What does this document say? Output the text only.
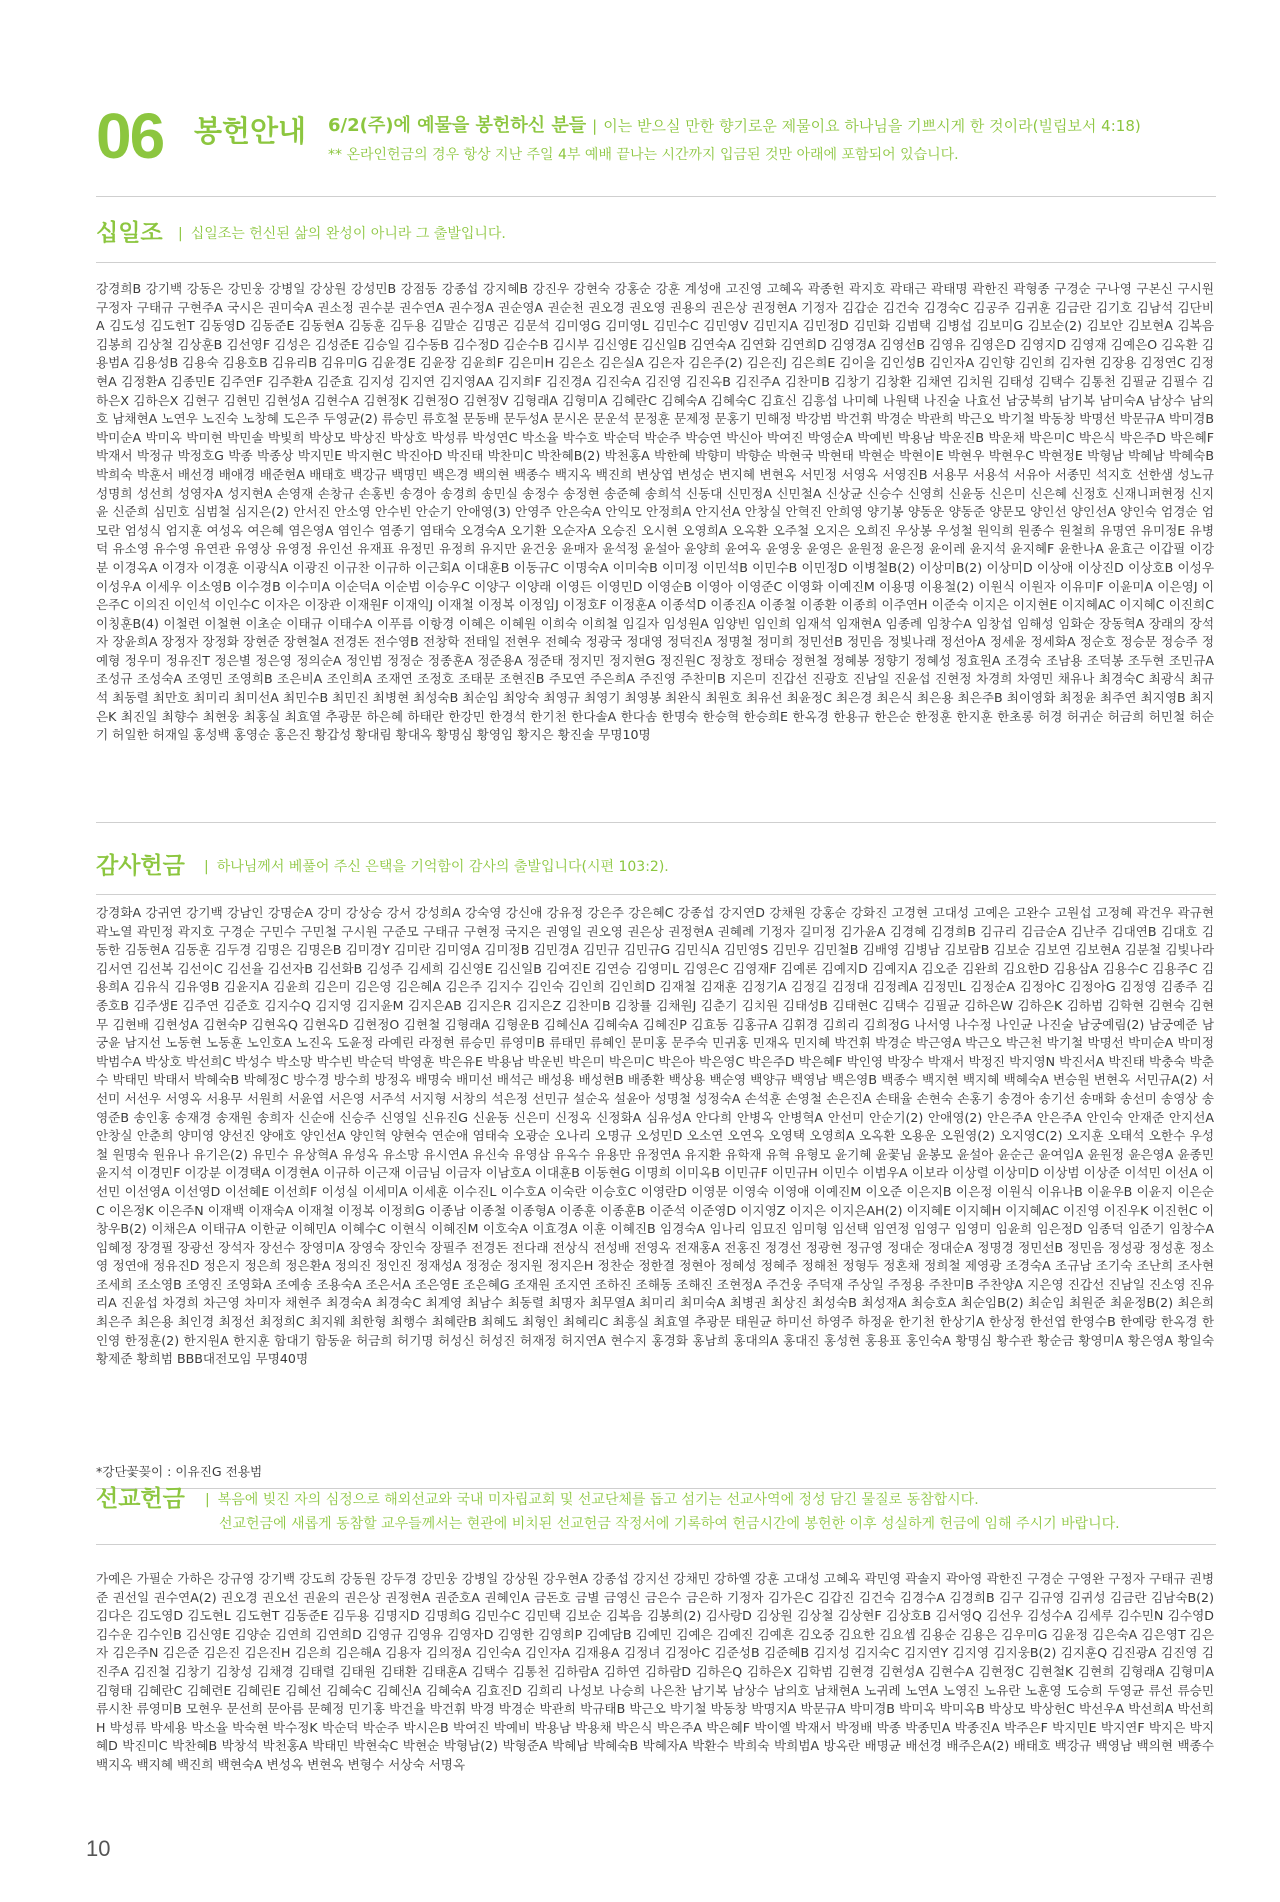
06 봉헌안내 6/2(주)에 예물을 봉헌하신 분들 | 이는 받으실 만한 향기로운 제물이요 하나님을 기쁘시게 한 것이라(빌립보서 4:18)
** 온라인헌금의 경우 항상 지난 주일 4부 예배 끝나는 시간까지 입금된 것만 아래에 포함되어 있습니다.
십일조 | 십일조는 헌신된 삶의 완성이 아니라 그 출발입니다.
강경희B 강기백 강동은 강민웅 강병일 강상원 강성민B 강점동 강종섭 강지혜B 강진우 강현숙 강홍순 강훈 계성애 고진영 고혜옥 곽종헌 곽지호 곽태근 곽태명 곽한진 곽형종 구경순 구나영 구본신 구시원 구정자 구태규 구현주A 국시은 권미숙A 권소정 권수분 권수연A 권수정A 권순영A 권순천 권오경 권오영 권용의 권은상 권정현A 기정자 김갑순 김건숙 김경숙C 김공주 김귀훈 김금란 김기호 김남석 김단비A 김도성 김도헌T 김동영D 김동준E 김동현A 김동훈 김두용 김말순 김명곤 김문석 김미영G 김미영L 김민수C 김민영V 김민지A 김민정D 김민화 김범택 김병섭 김보미G 김보순(2) 김보안 김보현A 김복음 김봉희 김상철 김상훈B 김선영F 김성은 김성준E 김승일 김수동B 김수정D 김순수B 김시부 김신영E 김신일B 김연숙A 김연화 김연희D 김영경A 김영선B 김영유 김영은D 김영지D 김영재 김예은O 김옥환 김용범A 김용성B 김용숙 김용호B 김유리B 김유미G 김윤경E 김윤장 김윤희F 김은미H 김은소 김은실A 김은자 김은주(2) 김은진J 김은희E 김이을 김인성B 김인자A 김인향 김인희 김자현 김장용 김정연C 김정현A 김정환A 김종민E 김주연F 김주환A 김준효 김지성 김지연 김지영AA 김지희F 김진경A 김진숙A 김진영 김진옥B 김진주A 김찬미B 김창기 김창환 김채연 김치원 김태성 김택수 김통천 김필균 김필수 김하은X 김하은X 김현구 김현민 김현성A 김현수A 김현정K 김현정O 김현정V 김형래A 김형미A 김혜란C 김혜숙A 김혜숙C 김효신 김흥섭 나미혜 나원택 나진술 나효선 남궁북희 남기복 남미숙A 남상수 남의호 남채현A 노연우 노진숙 노창혜 도은주 두영균(2) 류승민 류호철 문동배 문두성A 문시온 문운석 문정훈 문제정 문홍기 민해정 박강범 박건휘 박경순 박관희 박근오 박기철 박동창 박명선 박문규A 박미경B 박미순A 박미옥 박미현 박민솔 박빛희 박상모 박상진 박상호 박성류 박성연C 박소율 박수호 박순덕 박순주 박승연 박신아 박여진 박영순A 박예빈 박용남 박운진B 박운채 박은미C 박은식 박은주D 박은혜F 박재서 박정규 박정호G 박종 박종상 박지민E 박지현C 박진아D 박진태 박찬미C 박찬혜B(2) 박천홍A 박한혜 박향미 박향순 박현국 박현태 박현순 박현이E 박현우 박현우C 박현정E 박형남 박혜남 박혜숙B 박희숙 박훈서 배선경 배애경 배준현A 배태호 백강규 백명민 백은경 백의현 백종수 백지옥 백진희 변상엽 변성순 변지혜 변현옥 서민정 서영옥 서영진B 서용무 서용석 서유아 서종민 석지호 선한샘 성노규 성명희 성선희 성영자A 성지현A 손영재 손창규 손홍빈 송경아 송경희 송민실 송정수 송정현 송준혜 송희석 신동대 신민정A 신민철A 신상균 신승수 신영희 신윤동 신은미 신은혜 신정호 신재니퍼현정 신지윤 신준희 심민호 심범철 심지은(2) 안서진 안소영 안수빈 안순기 안애영(3) 안영주 안은숙A 안익모 안정희A 안지선A 안창실 안혁진 안희영 양기봉 양동운 양동준 양문모 양인선 양인선A 양인숙 엄경순 엄모란 엄성식 엄지훈 여성옥 여은혜 염은영A 염인수 염종기 염태숙 오경숙A 오기환 오순자A 오승진 오시현 오영희A 오옥환 오주철 오지은 오희진 우상봉 우성철 원익희 원종수 원철희 유명연 유미정E 유병덕 유소영 유수영 유연관 유영상 유영정 유인선 유재표 유정민 유정희 유지만 윤건웅 윤매자 윤석정 윤설아 윤양희 윤여옥 윤영웅 윤영은 윤원정 윤은정 윤이레 윤지석 윤지혜F 윤한나A 윤효근 이갑필 이강분 이경옥A 이경자 이경훈 이광식A 이광진 이규찬 이규하 이근회A 이대훈B 이동규C 이명숙A 이미숙B 이미정 이민석B 이민수B 이민정D 이병철B(2) 이상미B(2) 이상미D 이상애 이상진D 이상호B 이성우 이성우A 이세우 이소영B 이수경B 이수미A 이순덕A 이순범 이승우C 이양구 이양래 이영든 이영민D 이영순B 이영아 이영준C 이영화 이예진M 이용명 이용철(2) 이원식 이원자 이유미F 이윤미A 이은영J 이은주C 이의진 이인석 이인수C 이자은 이장관 이재원F 이재익J 이재철 이정복 이정임J 이정호F 이정훈A 이종석D 이종진A 이종철 이종환 이종희 이주연H 이준숙 이지은 이지현E 이지혜AC 이지혜C 이진희C 이칭훈B(4) 이철련 이철현 이초순 이태규 이태수A 이푸름 이항경 이혜은 이혜원 이희숙 이희철 임길자 임성원A 임양빈 임인희 임재석 임재현A 임종례 임창수A 임창섭 임해성 임화순 장동혁A 장래의 장석자 장윤희A 장정자 장정화 장현준 장현철A 전경돈 전수영B 전창학 전태일 전현우 전혜숙 정광국 정대영 정덕진A 정명철 정미희 정민선B 정민음 정빛나래 정선아A 정세윤 정세화A 정순호 정승문 정승주 정예형 정우미 정유진T 정은별 정은영 정의순A 정인범 정정순 정종훈A 정준용A 정준태 정지민 정지현G 정진원C 정창호 정태승 정현철 정혜봉 정향기 정혜성 정효원A 조경숙 조남용 조덕봉 조두현 조민규A 조성규 조성숙A 조영민 조영희B 조은비A 조인희A 조재연 조정호 조태문 조현진B 주모연 주은희A 주진영 주찬미B 지은미 진갑선 진광호 진남일 진윤섭 진현정 차경희 차영민 채유나 최경숙C 최광식 최규석 최동렬 최만호 최미리 최미선A 최민수B 최민진 최병현 최성숙B 최순임 최앙숙 최영규 최영기 최영봉 최완식 최원호 최유선 최윤정C 최은경 최은식 최은용 최은주B 최이영화 최정윤 최주연 최지영B 최지은K 최진일 최향수 최현웅 최홍실 최효열 추광문 하은혜 하태란 한강민 한경석 한기천 한다솔A 한다솜 한명숙 한승혁 한승희E 한옥경 한용규 한은순 한정훈 한지훈 한초롱 허경 허귀순 허금희 허민철 허순기 허일한 허재일 홍성백 홍영순 홍은진 황갑성 황대림 황대옥 황명심 황영임 황지은 황진솔 무명10명
감사헌금 | 하나님께서 베풀어 주신 은택을 기억함이 감사의 출발입니다(시편 103:2).
강경화A 강귀연 강기백 강남인 강명순A 강미 강상승 강서 강성희A 강숙영 강신애 강유정 강은주 강은혜C 강종섭 강지연D 강채원 강홍순 강화진 고경현 고대성 고예은 고완수 고원섭 고정혜 곽건우 곽규현 곽노열 곽민정 곽지호 구경순 구민수 구민철 구시원 구준모 구태규 구현정 국지은 권영일 권오영 권은상 권정현A 권혜례 기정자 길미정 김가윤A 김경혜 김경희B 김규리 김금순A 김난주 김대연B 김대호 김동한 김동현A 김동훈 김두경 김명은 김명은B 김미경Y 김미란 김미영A 김미정B 김민경A 김민규 김민규G 김민식A 김민영S 김민우 김민철B 김배영 김병남 김보람B 김보순 김보연 김보현A 김분철 김빛나라 김서연 김선복 김선이C 김선율 김선자B 김선화B 김성주 김세희 김신영E 김신일B 김여진E 김연승 김영미L 김영은C 김영재F 김예론 김예지D 김예지A 김오준 김완희 김요한D 김용삼A 김용수C 김용주C 김용희A 김유식 김유영B 김윤지A 김윤희 김은미 김은영 김은혜A 김은주 김지수 김인숙 김인희 김인희D 김재철 김재훈 김정기A 김정길 김정대 김정례A 김정민L 김정순A 김정아C 김정아G 김정영 김종주 김종호B 김주생E 김주연 김준호 김지수Q 김지영 김지윤M 김지은AB 김지은R 김지은Z 김찬미B 김창률 김채원J 김춘기 김치원 김태성B 김태현C 김택수 김필균 김하은W 김하은K 김하범 김학현 김현숙 김현무 김현배 김현성A 김현숙P 김현옥Q 김현옥D 김현정O 김현철 김형래A 김형운B 김혜신A 김혜숙A 김혜진P 김효동 김홍규A 김휘경 김희리 김희정G 나서영 나수정 나인균 나진술 남궁예림(2) 남궁예준 남궁윤 남지선 노동현 노동훈 노인호A 노진옥 도윤정 라예린 라정현 류승민 류영미B 류태민 류혜인 문미홍 문주숙 민귀홍 민재옥 민지혜 박건휘 박경순 박근영A 박근오 박근천 박기철 박명선 박미순A 박미정 박범수A 박상호 박선희C 박성수 박소망 박수빈 박순덕 박영훈 박은유E 박용남 박운빈 박은미 박은미C 박은아 박은영C 박은주D 박은혜F 박인영 박장수 박재서 박정진 박지영N 박진서A 박진태 박충숙 박춘수 박태민 박태서 박혜숙B 박혜정C 방수경 방수희 방정옥 배명숙 배미선 배석근 배성용 배성현B 배종환 백상용 백순영 백양규 백영남 백은영B 백종수 백지현 백지혜 백혜숙A 변승원 변현옥 서민규A(2) 서선미 서선우 서영옥 서용무 서원희 서윤엽 서은영 서주석 서지형 서창의 석은정 선민규 설순옥 설윤아 성명철 성정숙A 손석훈 손영철 손은진A 손태율 손현숙 손홍기 송경아 송기선 송매화 송선미 송영상 송영준B 송인홍 송재경 송재원 송희자 신순애 신승주 신영일 신유진G 신윤동 신은미 신정옥 신정화A 심유성A 안다희 안병옥 안병혁A 안선미 안순기(2) 안애영(2) 안은주A 안은주A 안인숙 안재준 안지선A 안창실 안춘희 양미영 양선진 양애호 양인선A 양인혁 양현숙 연순애 염태숙 오광순 오나리 오명규 오성민D 오소연 오연옥 오영택 오영희A 오옥환 오용운 오원영(2) 오지영C(2) 오지훈 오태석 오한수 우성철 원명숙 원유나 유기은(2) 유민수 유상혁A 유성옥 유소망 유시연A 유신숙 유영삼 유옥수 유용만 유정연A 유지환 유학재 유혁 유형모 윤기혜 윤꽃님 윤봉모 윤설아 윤순근 윤여임A 윤원정 윤은영A 윤종민 윤지석 이경민F 이강분 이경택A 이경현A 이규하 이근재 이금님 이금자 이남호A 이대훈B 이동현G 이명희 이미옥B 이민규F 이민규H 이민수 이범우A 이보라 이상렬 이상미D 이상범 이상준 이석민 이선A 이선민 이선영A 이선영D 이선혜E 이선희F 이성실 이세미A 이세훈 이수진L 이수호A 이숙란 이승호C 이영란D 이영문 이영숙 이영애 이예진M 이오준 이은지B 이은정 이원식 이유나B 이윤우B 이윤지 이은순C 이은정K 이은주N 이재백 이재숙A 이재철 이정복 이정희G 이종남 이종철 이종형A 이종훈 이종훈B 이준석 이준영D 이지영Z 이지은 이지은AH(2) 이지혜E 이지혜H 이지혜AC 이진영 이진우K 이진헌C 이창우B(2) 이채은A 이태규A 이한균 이혜민A 이혜수C 이현식 이혜진M 이호숙A 이효경A 이훈 이혜진B 임경숙A 임나리 임묘진 임미형 임선택 임연정 임영구 임영미 임윤희 임은정D 임종덕 임준기 임창수A 임혜정 장경필 장광선 장석자 장선수 장영미A 장영숙 장인숙 장필주 전경돈 전다래 전상식 전성배 전영옥 전재홍A 전홍진 정경선 정광현 정규영 정대순 정대순A 정명경 정민선B 정민음 정성광 정성훈 정소영 정연애 정유진D 정은지 정은희 정은환A 정의진 정인진 정재성A 정정순 정지원 정지은H 정찬순 정한결 정현아 정혜성 정혜주 정해천 정형두 정혼채 정희철 제영광 조경숙A 조규남 조기숙 조난희 조사현 조세희 조소영B 조영진 조영화A 조예송 조용숙A 조은서A 조은영E 조은혜G 조재원 조지연 조하진 조해동 조해진 조현정A 주건웅 주덕재 주상일 주정용 주찬미B 주찬양A 지은영 진갑선 진남일 진소영 진유리A 진윤섭 차경희 차근영 차미자 채현주 최경숙A 최경숙C 최계영 최남수 최동렬 최명자 최무열A 최미리 최미숙A 최병권 최상진 최성숙B 최성재A 최승호A 최순임B(2) 최순임 최원준 최윤정B(2) 최은희 최은주 최은용 최인경 최정선 최정희C 최지웨 최한형 최행수 최혜란B 최혜도 최형인 최혜리C 최흥실 최효열 추광문 태원균 하미선 하영주 하정윤 한기천 한상기A 한상정 한선엽 한영수B 한예랑 한옥경 한인영 한정훈(2) 한지원A 한지훈 함대기 함동윤 허금희 허기명 허성신 허성진 허재정 허지연A 현수지 홍경화 홍남희 홍대의A 홍대진 홍성현 홍용표 홍인숙A 황명심 황수관 황순금 황영미A 황은영A 황일숙 황제준 황희범 BBB대전모임 무명40명
*강단꽃꽂이 : 이유진G 전용범
선교헌금 | 복음에 빚진 자의 심정으로 해외선교와 국내 미자립교회 및 선교단체를 돕고 섬기는 선교사역에 정성 담긴 물질로 동참합시다.
선교헌금에 새롭게 동참할 교우들께서는 현관에 비치된 선교헌금 작정서에 기록하여 헌금시간에 봉헌한 이후 성실하게 헌금에 임해 주시기 바랍니다.
가예은 가필순 가하은 강규영 강기백 강도희 강동원 강두경 강민웅 강병일 강상원 강우현A 강종섭 강지선 강채민 강하엘 강훈 고대성 고혜옥 곽민영 곽솔지 곽아영 곽한진 구경순 구영완 구정자 구태규 권병준 권선일 권수연A(2) 권오경 권오선 권윤의 권은상 권정현A 권준호A 권혜인A 금돈호 금별 금영신 금은수 금은하 기정자 김가은C 김갑진 김건숙 김경수A 김경희B 김구 김규영 김귀성 김금란 김남숙B(2) 김다은 김도영D 김도현L 김도현T 김동준E 김두용 김명지D 김명희G 김민수C 김민택 김보순 김복음 김봉희(2) 김사랑D 김상원 김상철 김상현F 김상호B 김서영Q 김선우 김성수A 김세루 김수민N 김수영D 김수운 김수인B 김신영E 김양순 김연희 김연희D 김영규 김영유 김영자D 김영한 김영희P 김예담B 김예민 김예은 김예진 김예흔 김오중 김요한 김요셉 김용순 김용은 김우미G 김윤정 김은숙A 김은영T 김은자 김은주N 김은준 김은진 김은진H 김은희 김은해A 김용자 김의정A 김인숙A 김인자A 김재용A 김정녀 김정아C 김준성B 김준혜B 김지성 김지숙C 김지연Y 김지영 김지웅B(2) 김지훈Q 김진광A 김진영 김진주A 김진철 김창기 김창성 김채경 김태렬 김태원 김태환 김태훈A 김택수 김통천 김하람A 김하연 김하람D 김하은Q 김하은X 김학범 김현경 김현성A 김현수A 김현정C 김현철K 김현희 김형래A 김형미A 김형태 김혜란C 김혜련E 김혜린E 김혜선 김혜숙C 김혜신A 김혜숙A 김효진D 김희리 나성보 나승희 나은찬 남기복 남상수 남의호 남채현A 노귀례 노연A 노영진 노유란 노훈영 도승희 두영균 류선 류승민 류시찬 류영미B 모현우 문선희 문아름 문혜정 민기홍 박건율 박건휘 박경 박경순 박관희 박규태B 박근오 박기철 박동창 박명지A 박문규A 박미경B 박미옥 박미옥B 박상모 박상헌C 박선우A 박선희A 박선희H 박성류 박세용 박소율 박숙현 박수정K 박순덕 박순주 박시은B 박여진 박예비 박용남 박용채 박은식 박은주A 박은혜F 박이엘 박재서 박정배 박종 박종민A 박종진A 박주은F 박지민E 박지연F 박지은 박지혜D 박진미C 박찬혜B 박창석 박천홍A 박태민 박현숙C 박현순 박형남(2) 박형준A 박혜남 박혜숙B 박혜자A 박환수 박희숙 박희범A 방옥란 배명균 배선경 배주은A(2) 배태호 백강규 백영남 백의현 백종수 백지옥 백지혜 백진희 백현숙A 변성옥 변현옥 변형수 서상숙 서명옥
10
